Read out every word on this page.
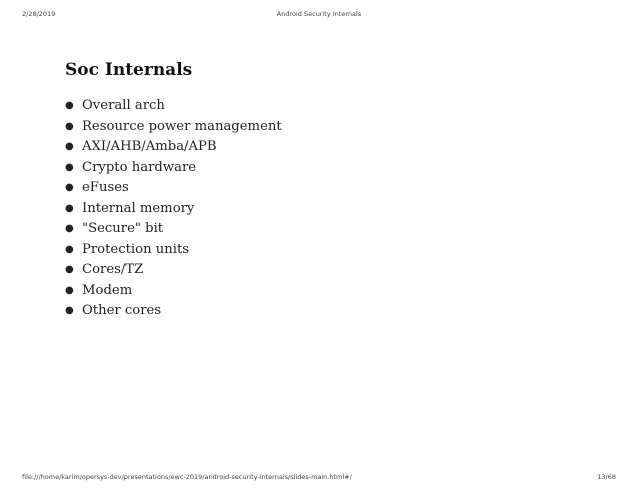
2/28/2019	Android Security Internals
Soc Internals
● Overall arch
● Resource power management
● AXI/AHB/Amba/APB
● Crypto hardware
● eFuses
● Internal memory
● "Secure" bit
● Protection units
● Cores/TZ
● Modem
● Other cores
file:///home/karim/opersys-dev/presentations/ewc-2019/android-security-internals/slides-main.html#/	13/68
